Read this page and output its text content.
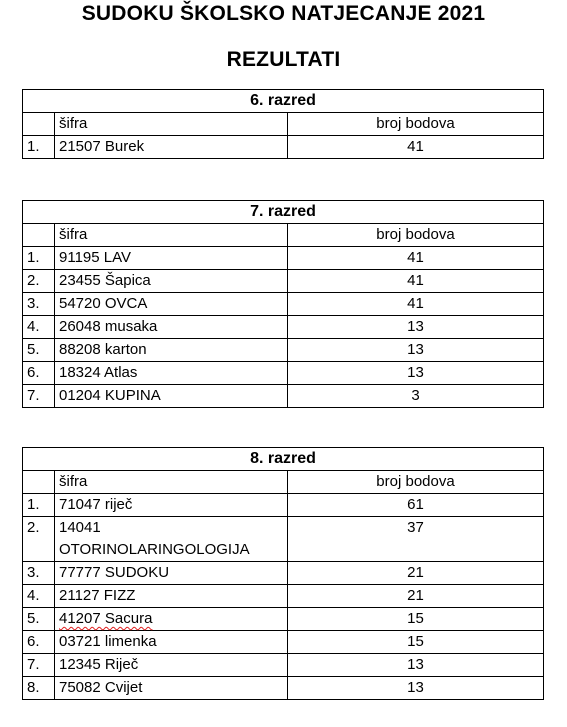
SUDOKU ŠKOLSKO NATJECANJE 2021
REZULTATI
6. razred		
	šifra	broj bodova
1.	21507 Burek	41
7. razred		
	šifra	broj bodova
1.	91195 LAV	41
2.	23455 Šapica	41
3.	54720 OVCA	41
4.	26048 musaka	13
5.	88208 karton	13
6.	18324 Atlas	13
7.	01204 KUPINA	3
8. razred		
	šifra	broj bodova
1.	71047 riječ	61
2.	14041 OTORINOLARINGOLOGIJA	37
3.	77777 SUDOKU	21
4.	21127 FIZZ	21
5.	41207 Sacura	15
6.	03721 limenka	15
7.	12345 Riječ	13
8.	75082 Cvijet	13
